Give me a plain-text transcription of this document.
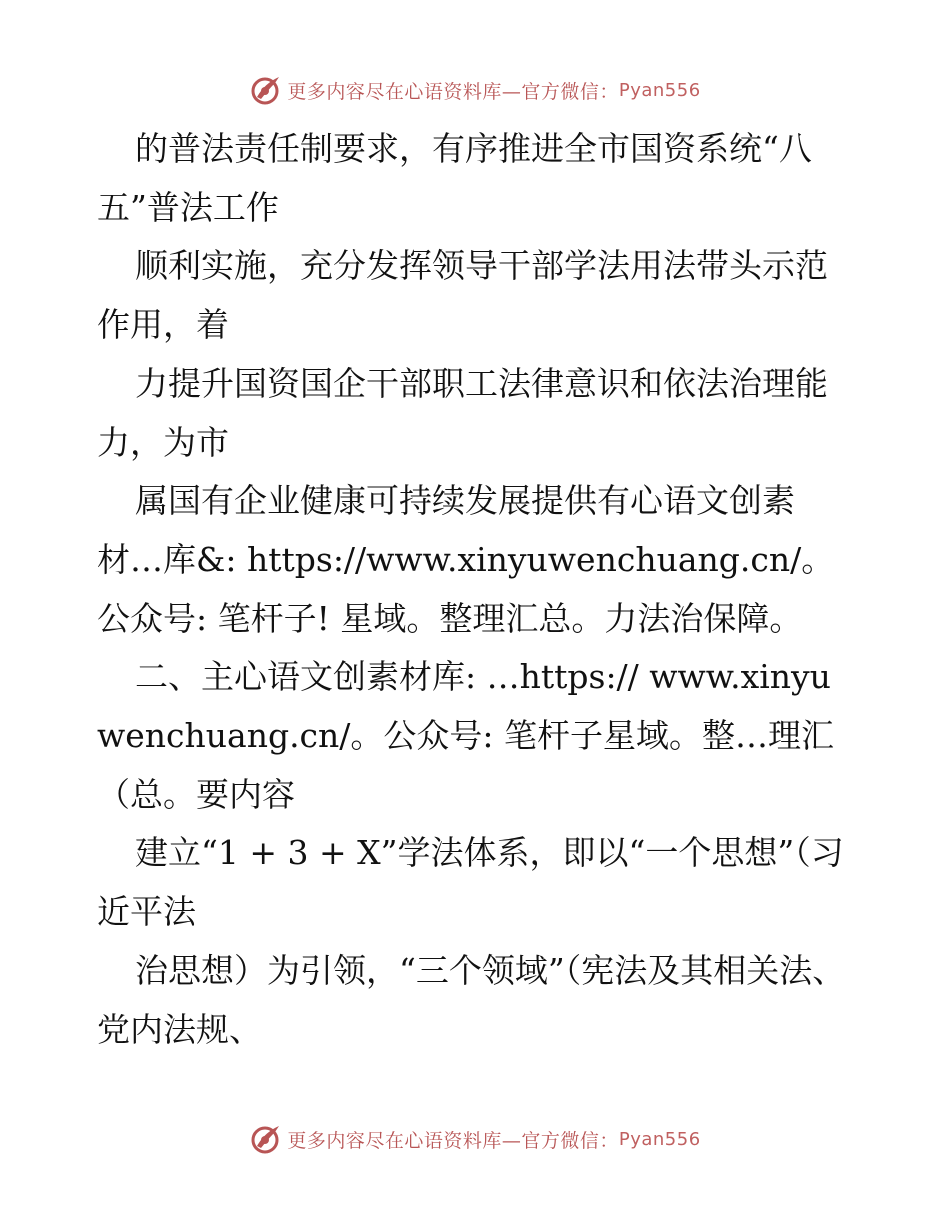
更多内容尽在心语资料库—官方微信： Pyan556

的普法责任制要求，有序推进全市国资系统“八五”普法工作

顺利实施，充分发挥领导干部学法用法带头示范作用，着

力提升国资国企干部职工法律意识和依法治理能力，为市

属国有企业健康可持续发展提供有心语文创素材…库&: https://www.xinyuwenchuang.cn/。公众号: 笔杆子! 星域。整理汇总。力法治保障。

二、主心语文创素材库: …https:// www.xinyuwenchuang.cn/。公众号: 笔杆子星域。整…理汇（总。要内容

建立“1 + 3 + X”学法体系，即以“一个思想”（习近平法

治思想）为引领，“三个领域”（宪法及其相关法、党内法规、

更多内容尽在心语资料库—官方微信： Pyan556
